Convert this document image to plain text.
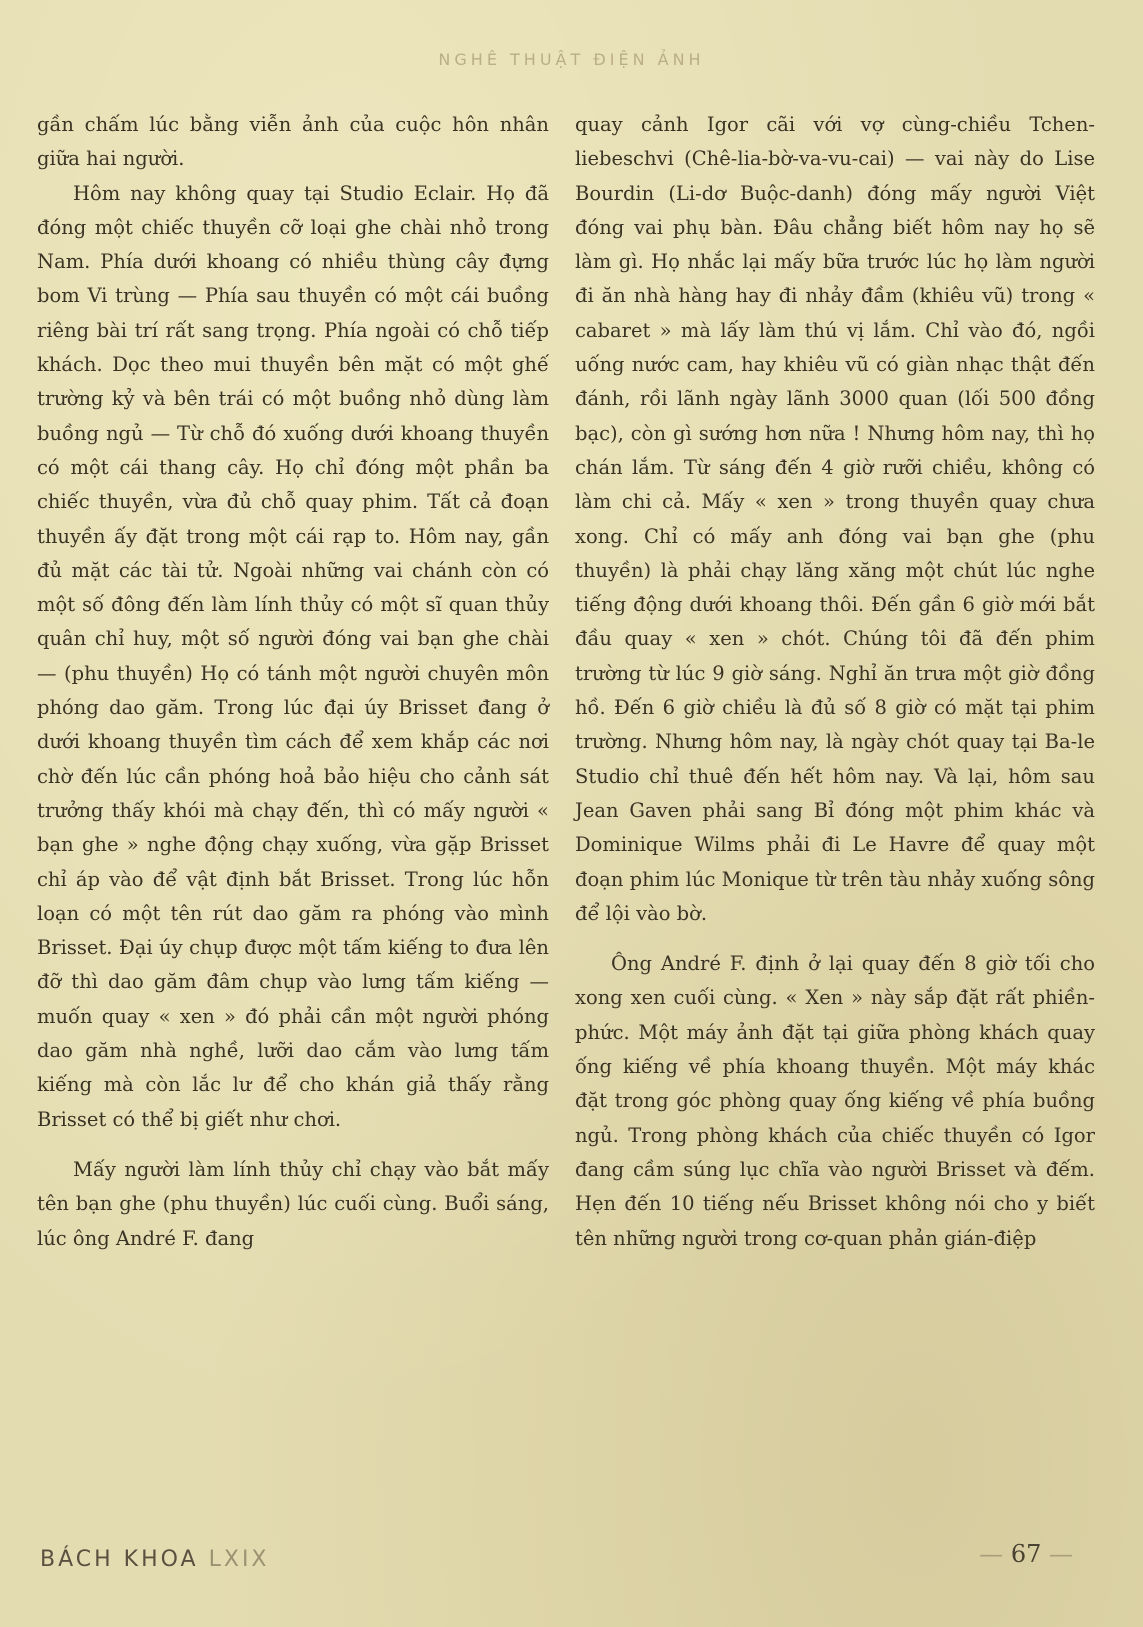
NGHÊ THUẬT ĐIỆN ẢNH

gần chấm lúc bằng viễn ảnh của cuộc hôn nhân giữa hai người.

Hôm nay không quay tại Studio Eclair. Họ đã đóng một chiếc thuyền cỡ loại ghe chài nhỏ trong Nam. Phía dưới khoang có nhiều thùng cây đựng bom Vi trùng — Phía sau thuyền có một cái buồng riêng bài trí rất sang trọng. Phía ngoài có chỗ tiếp khách. Dọc theo mui thuyền bên mặt có một ghế trường kỷ và bên trái có một buồng nhỏ dùng làm buồng ngủ — Từ chỗ đó xuống dưới khoang thuyền có một cái thang cây. Họ chỉ đóng một phần ba chiếc thuyền, vừa đủ chỗ quay phim. Tất cả đoạn thuyền ấy đặt trong một cái rạp to. Hôm nay, gần đủ mặt các tài tử. Ngoài những vai chánh còn có một số đông đến làm lính thủy có một sĩ quan thủy quân chỉ huy, một số người đóng vai bạn ghe chài — (phu thuyền) Họ có tánh một người chuyên môn phóng dao găm. Trong lúc đại úy Brisset đang ở dưới khoang thuyền tìm cách để xem khắp các nơi chờ đến lúc cần phóng hoả bảo hiệu cho cảnh sát trưởng thấy khói mà chạy đến, thì có mấy người « bạn ghe » nghe động chạy xuống, vừa gặp Brisset chỉ áp vào để vật định bắt Brisset. Trong lúc hỗn loạn có một tên rút dao găm ra phóng vào mình Brisset. Đại úy chụp được một tấm kiếng to đưa lên đỡ thì dao găm đâm chụp vào lưng tấm kiếng — muốn quay « xen » đó phải cần một người phóng dao găm nhà nghề, lưỡi dao cắm vào lưng tấm kiếng mà còn lắc lư để cho khán giả thấy rằng Brisset có thể bị giết như chơi.

Mấy người làm lính thủy chỉ chạy vào bắt mấy tên bạn ghe (phu thuyền) lúc cuối cùng. Buổi sáng, lúc ông André F. đang

quay cảnh Igor cãi với vợ cùng-chiều Tchen-liebeschvi (Chê-lia-bờ-va-vu-cai) — vai này do Lise Bourdin (Li-dơ Buộc-danh) đóng mấy người Việt đóng vai phụ bàn. Đâu chẳng biết hôm nay họ sẽ làm gì. Họ nhắc lại mấy bữa trước lúc họ làm người đi ăn nhà hàng hay đi nhảy đầm (khiêu vũ) trong « cabaret » mà lấy làm thú vị lắm. Chỉ vào đó, ngồi uống nước cam, hay khiêu vũ có giàn nhạc thật đến đánh, rồi lãnh ngày lãnh 3000 quan (lối 500 đồng bạc), còn gì sướng hơn nữa ! Nhưng hôm nay, thì họ chán lắm. Từ sáng đến 4 giờ rưỡi chiều, không có làm chi cả. Mấy « xen » trong thuyền quay chưa xong. Chỉ có mấy anh đóng vai bạn ghe (phu thuyền) là phải chạy lăng xăng một chút lúc nghe tiếng động dưới khoang thôi. Đến gần 6 giờ mới bắt đầu quay « xen » chót. Chúng tôi đã đến phim trường từ lúc 9 giờ sáng. Nghỉ ăn trưa một giờ đồng hồ. Đến 6 giờ chiều là đủ số 8 giờ có mặt tại phim trường. Nhưng hôm nay, là ngày chót quay tại Ba-le Studio chỉ thuê đến hết hôm nay. Và lại, hôm sau Jean Gaven phải sang Bỉ đóng một phim khác và Dominique Wilms phải đi Le Havre để quay một đoạn phim lúc Monique từ trên tàu nhảy xuống sông để lội vào bờ.

Ông André F. định ở lại quay đến 8 giờ tối cho xong xen cuối cùng. « Xen » này sắp đặt rất phiền-phức. Một máy ảnh đặt tại giữa phòng khách quay ống kiếng về phía khoang thuyền. Một máy khác đặt trong góc phòng quay ống kiếng về phía buồng ngủ. Trong phòng khách của chiếc thuyền có Igor đang cầm súng lục chĩa vào người Brisset và đếm. Hẹn đến 10 tiếng nếu Brisset không nói cho y biết tên những người trong cơ-quan phản gián-điệp

BÁCH KHOA LXIX	— 67 —
